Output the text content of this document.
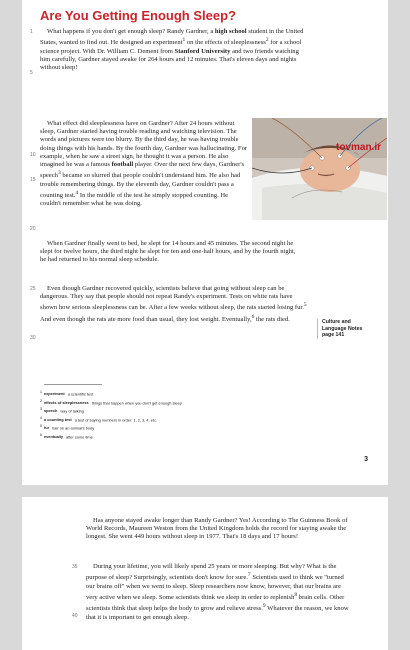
Are You Getting Enough Sleep?

What happens if you don't get enough sleep? Randy Gardner, a high school student in the United States, wanted to find out. He designed an experiment$^1$ on the effects of sleeplessness$^2$ for a school science project. With Dr. William C. Dement from Stanford University and two friends watching him carefully, Gardner stayed awake for 264 hours and 12 minutes. That's eleven days and nights without sleep!

What effect did sleeplessness have on Gardner? After 24 hours without sleep, Gardner started having trouble reading and watching television. The words and pictures were too blurry. By the third day, he was having trouble doing things with his hands. By the fourth day, Gardner was hallucinating. For example, when he saw a street sign, he thought it was a person. He also imagined he was a famous football player. Over the next few days, Gardner's speech$^3$ became so slurred that people couldn't understand him. He also had trouble remembering things. By the eleventh day, Gardner couldn't pass a counting test.$^4$ In the middle of the test he simply stopped counting. He couldn't remember what he was doing.

tovman.ir

When Gardner finally went to bed, he slept for 14 hours and 45 minutes. The second night he slept for twelve hours, the third night he slept for ten and one-half hours, and by the fourth night, he had returned to his normal sleep schedule.

Even though Gardner recovered quickly, scientists believe that going without sleep can be dangerous. They say that people should not repeat Randy's experiment. Tests on white rats have shown how serious sleeplessness can be. After a few weeks without sleep, the rats started losing fur.$^5$ And even though the rats ate more food than usual, they lost weight. Eventually,$^6$ the rats died.

1
5
10
15
20
25
30
Culture and
Language Notes
page 141
$^1$ experiment a scientific test
$^2$ effects of sleeplessness things that happen when you don't get enough sleep
$^3$ speech way of talking
$^4$ a counting test a test of saying numbers in order: 1, 2, 3, 4, etc.
$^5$ fur hair on an animal's body
$^6$ eventually after some time
3

Has anyone stayed awake longer than Randy Gardner? Yes! According to The Guinness Book of World Records, Maureen Weston from the United Kingdom holds the record for staying awake the longest. She went 449 hours without sleep in 1977. That's 18 days and 17 hours!

During your lifetime, you will likely spend 25 years or more sleeping. But why? What is the purpose of sleep? Surprisingly, scientists don't know for sure.$^7$ Scientists used to think we "turned our brains off" when we went to sleep. Sleep researchers now know, however, that our brains are very active when we sleep. Some scientists think we sleep in order to replenish$^8$ brain cells. Other scientists think that sleep helps the body to grow and relieve stress.$^9$ Whatever the reason, we know that it is important to get enough sleep.

35
40
